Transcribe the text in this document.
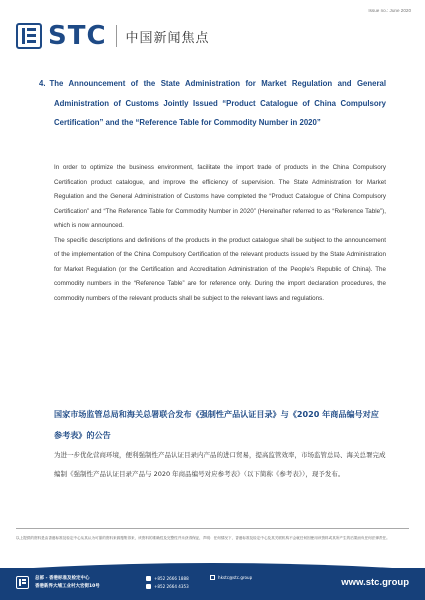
Issue no.: June 2020
STC 中国新闻焦点
4. The Announcement of the State Administration for Market Regulation and General Administration of Customs Jointly Issued “Product Catalogue of China Compulsory Certification” and the “Reference Table for Commodity Number in 2020”

In order to optimize the business environment, facilitate the import trade of products in the China Compulsory Certification product catalogue, and improve the efficiency of supervision. The State Administration for Market Regulation and the General Administration of Customs have completed the “Product Catalogue of China Compulsory Certification” and “The Reference Table for Commodity Number in 2020” (Hereinafter referred to as “Reference Table”), which is now announced.

The specific descriptions and definitions of the products in the product catalogue shall be subject to the announcement of the implementation of the China Compulsory Certification of the relevant products issued by the State Administration for Market Regulation (or the Certification and Accreditation Administration of the People’s Republic of China). The commodity numbers in the “Reference Table” are for reference only. During the import declaration procedures, the commodity numbers of the relevant products shall be subject to the relevant laws and regulations.

国家市场监管总局和海关总署联合发布《强制性产品认证目录》与《2020 年商品编号对应参考表》的公告
为进一步优化营商环境，便利强制性产品认证目录内产品的进口贸易，提高监管效率，市场监管总局、海关总署完成编制《强制性产品认证目录产品与 2020 年商品编号对应参考表》（以下简称《参考表》），现予发布。
以上提供的资料是由香港标准及检定中心从其认为可靠的资料来源搜集得来，该资料的准确性及完整性并未获得保证，声明：任何情况下，香港标准及检定中心及其关联机构不会就任何因使用该资料或其所产生的后果而负任何法律责任。
总部 - 香港标准及检定中心
香港新界大埔工业村大宏街10号
+852 2666 1888
+852 2664 4353
hkstc@stc.group	www.stc.group
